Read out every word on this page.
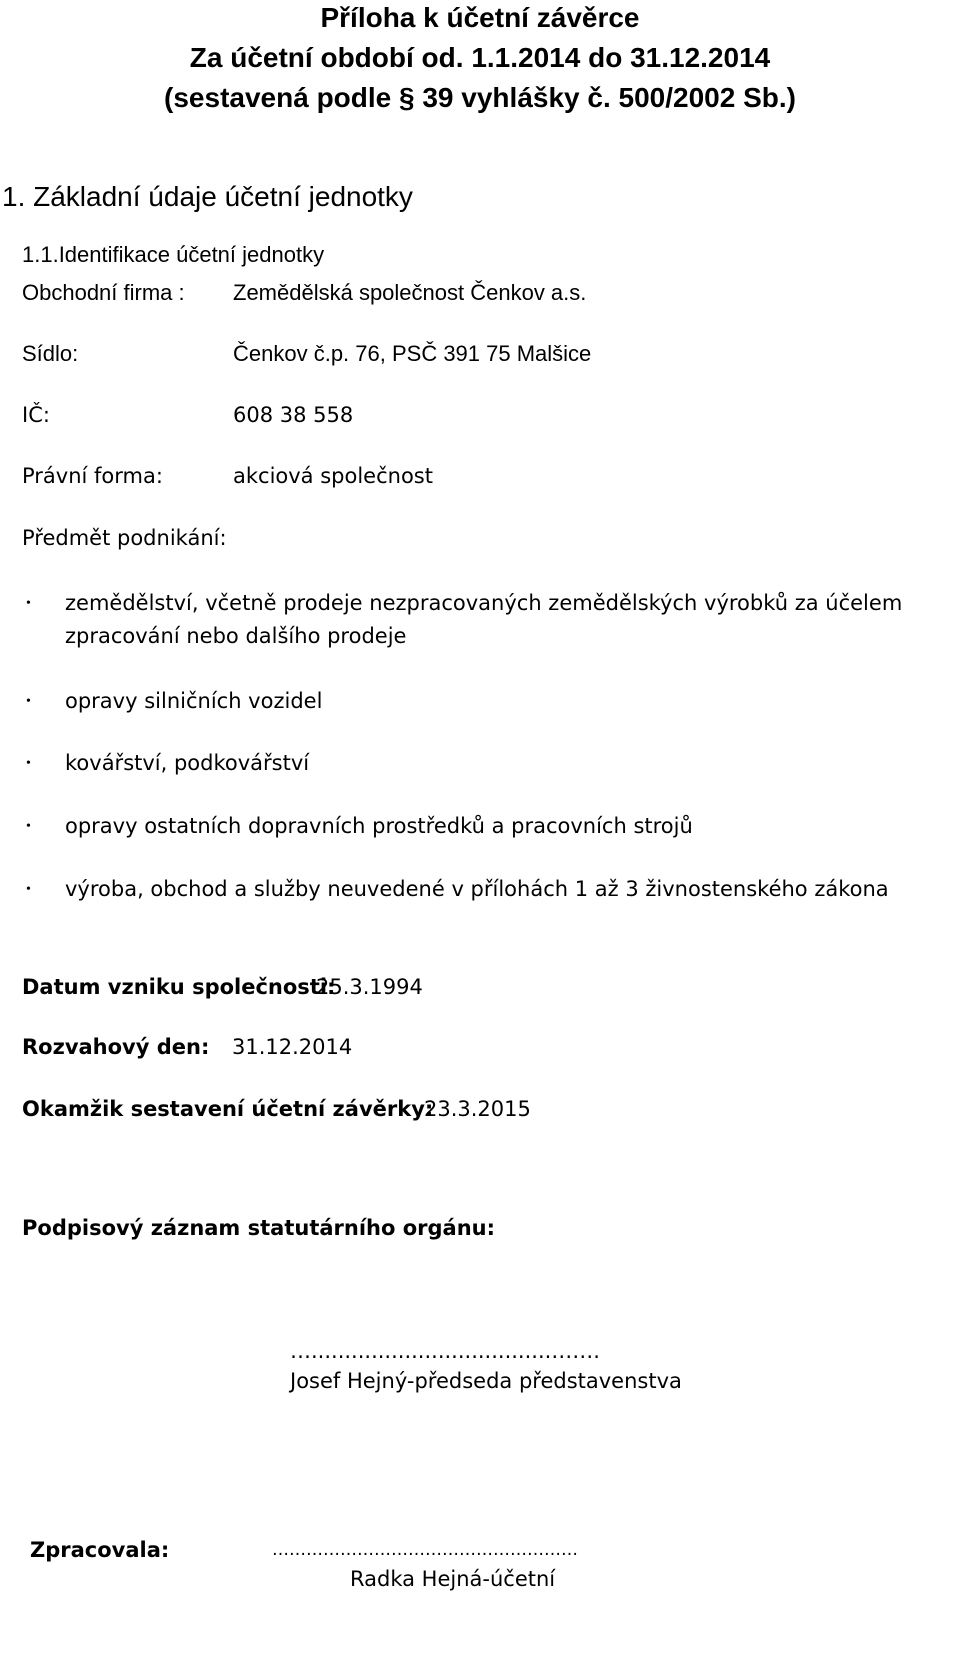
Příloha k účetní závěrce
Za účetní období od. 1.1.2014 do 31.12.2014
(sestavená podle § 39 vyhlášky č. 500/2002 Sb.)
1. Základní údaje účetní jednotky
1.1.Identifikace účetní jednotky
Obchodní firma : Zemědělská společnost Čenkov a.s.
Sídlo:	Čenkov č.p. 76, PSČ 391 75 Malšice
IČ:	608 38 558
Právní forma:	akciová společnost
Předmět podnikání:
• zemědělství, včetně prodeje nezpracovaných zemědělských výrobků za účelem
zpracování nebo dalšího prodeje
• opravy silničních vozidel
• kovářství, podkovářství
• opravy ostatních dopravních prostředků a pracovních strojů
• výroba, obchod a služby neuvedené v přílohách 1 až 3 živnostenského zákona
Datum vzniku společnosti:
25.3.1994
Rozvahový den: 31.12.2014
Okamžik sestavení účetní závěrky:
23.3.2015
Podpisový záznam statutárního orgánu:
…....................................…….
Josef Hejný-předseda představenstva
Zpracovala:	………………………………………………
Radka Hejná-účetní
